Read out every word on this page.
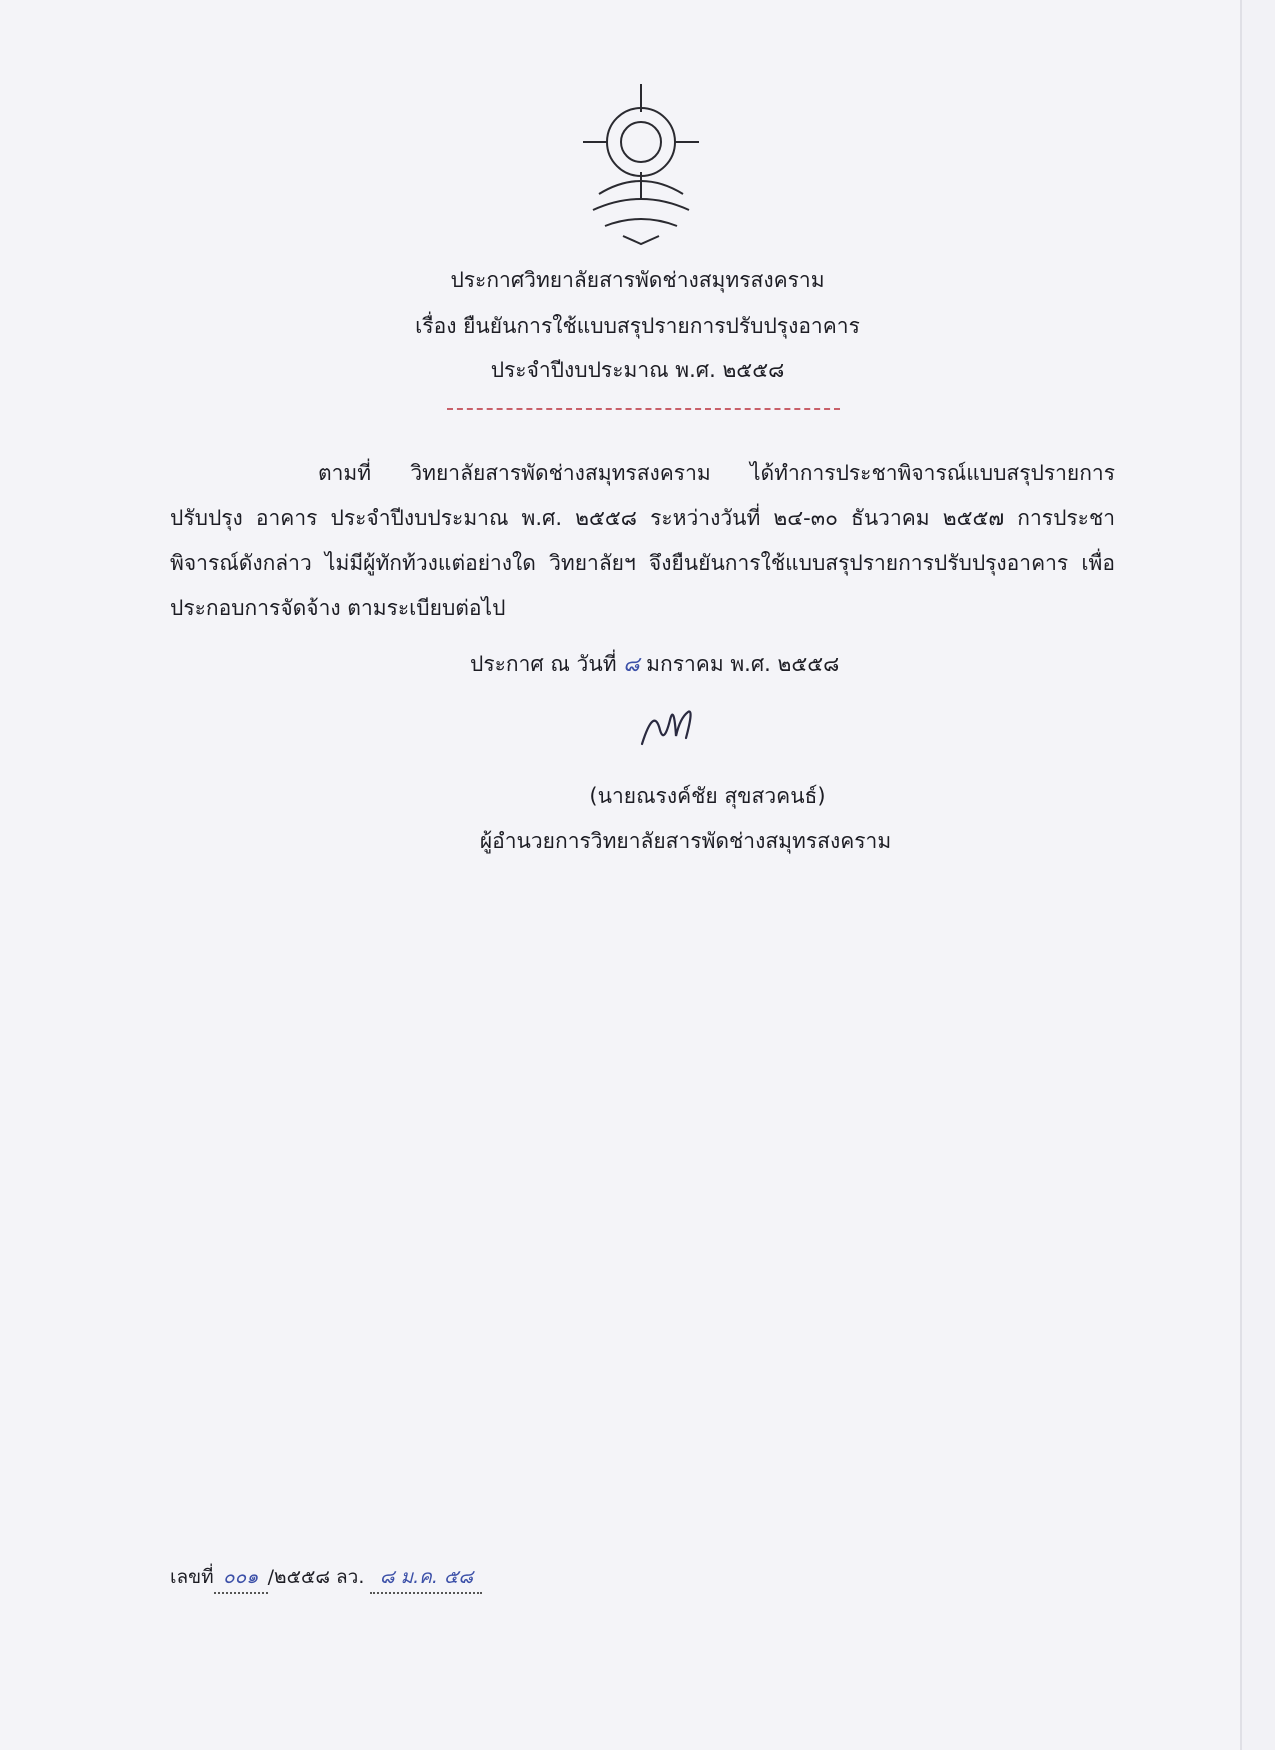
ประกาศวิทยาลัยสารพัดช่างสมุทรสงคราม
เรื่อง ยืนยันการใช้แบบสรุปรายการปรับปรุงอาคาร
ประจำปีงบประมาณ พ.ศ. ๒๕๕๘
ตามที่ วิทยาลัยสารพัดช่างสมุทรสงคราม ได้ทำการประชาพิจารณ์แบบสรุปรายการปรับปรุง อาคาร ประจำปีงบประมาณ พ.ศ. ๒๕๕๘ ระหว่างวันที่ ๒๔-๓๐ ธันวาคม ๒๕๕๗ การประชาพิจารณ์ดังกล่าว ไม่มีผู้ทักท้วงแต่อย่างใด วิทยาลัยฯ จึงยืนยันการใช้แบบสรุปรายการปรับปรุงอาคาร เพื่อประกอบการจัดจ้าง ตามระเบียบต่อไป
ประกาศ ณ วันที่ ๘ มกราคม พ.ศ. ๒๕๕๘
(นายณรงค์ชัย สุขสวคนธ์)
ผู้อำนวยการวิทยาลัยสารพัดช่างสมุทรสงคราม
เลขที่ ๐๐๑ /๒๕๕๘ ลว. ๘ ม.ค. ๕๘
